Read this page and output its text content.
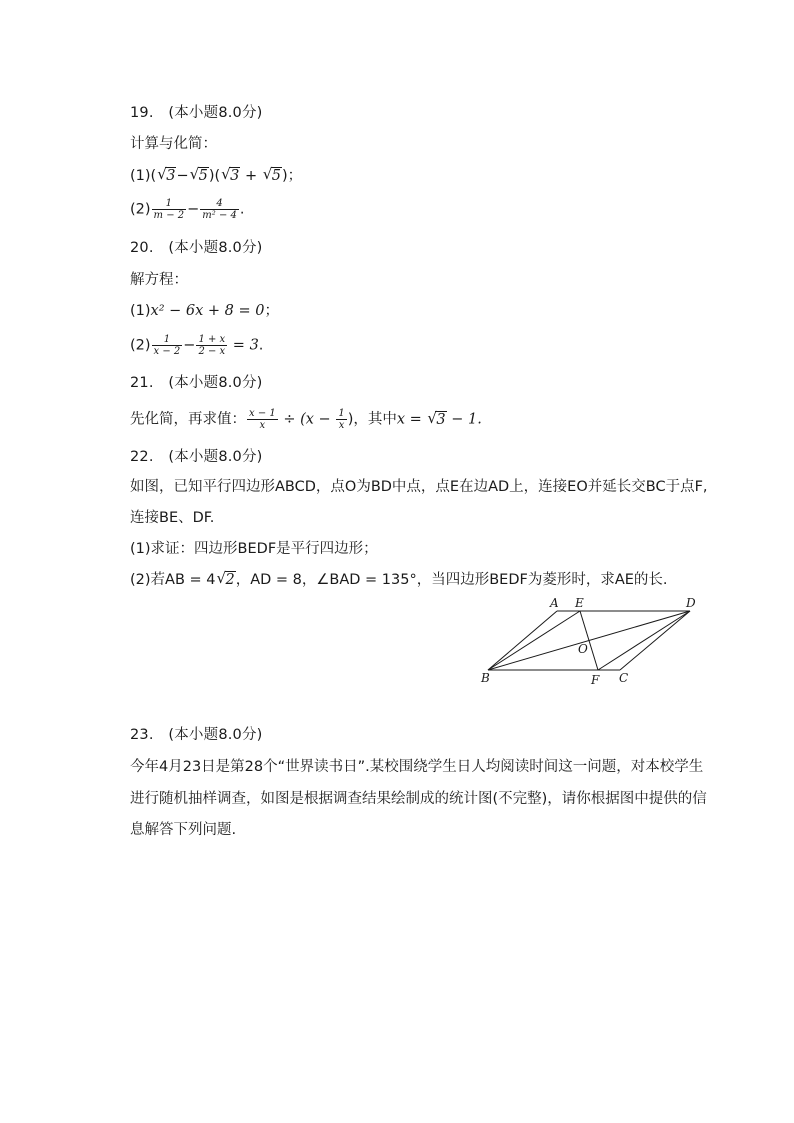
19.　(本小题8.0分)
计算与化简：
(1)( √ 3− √ 5)( √ 3 + √ 5)；
$(2) \frac{1}{m - 2} - \frac{4}{\text{m² − 4}}$ .
20.　(本小题8.0分)
解方程：
(1)x² − 6x + 8 = 0；
$(2) \frac{1}{x - 2} - \frac{1 + x}{2 - x} = 3$.
21.　(本小题8.0分)
先化简，再求值： $\frac{x - 1}{x} \div (x - \frac{1}{x}$ )，其中x = √ 3 − 1.
22.　(本小题8.0分)
如图，已知平行四边形ABCD，点O为BD中点，点E在边AD上，连接EO并延长交BC于点F,
连接BE、DF.
(1)求证：四边形BEDF是平行四边形；
(2)若AB = 4 √ 2，AD = 8，∠BAD = 135°，当四边形BEDF为菱形时，求AE的长.
A E	D
O
B	F C
23.　(本小题8.0分)
今年4月23日是第28个“世界读书日”.某校围绕学生日人均阅读时间这一问题，对本校学生
进行随机抽样调查，如图是根据调查结果绘制成的统计图(不完整)，请你根据图中提供的信
息解答下列问题.
